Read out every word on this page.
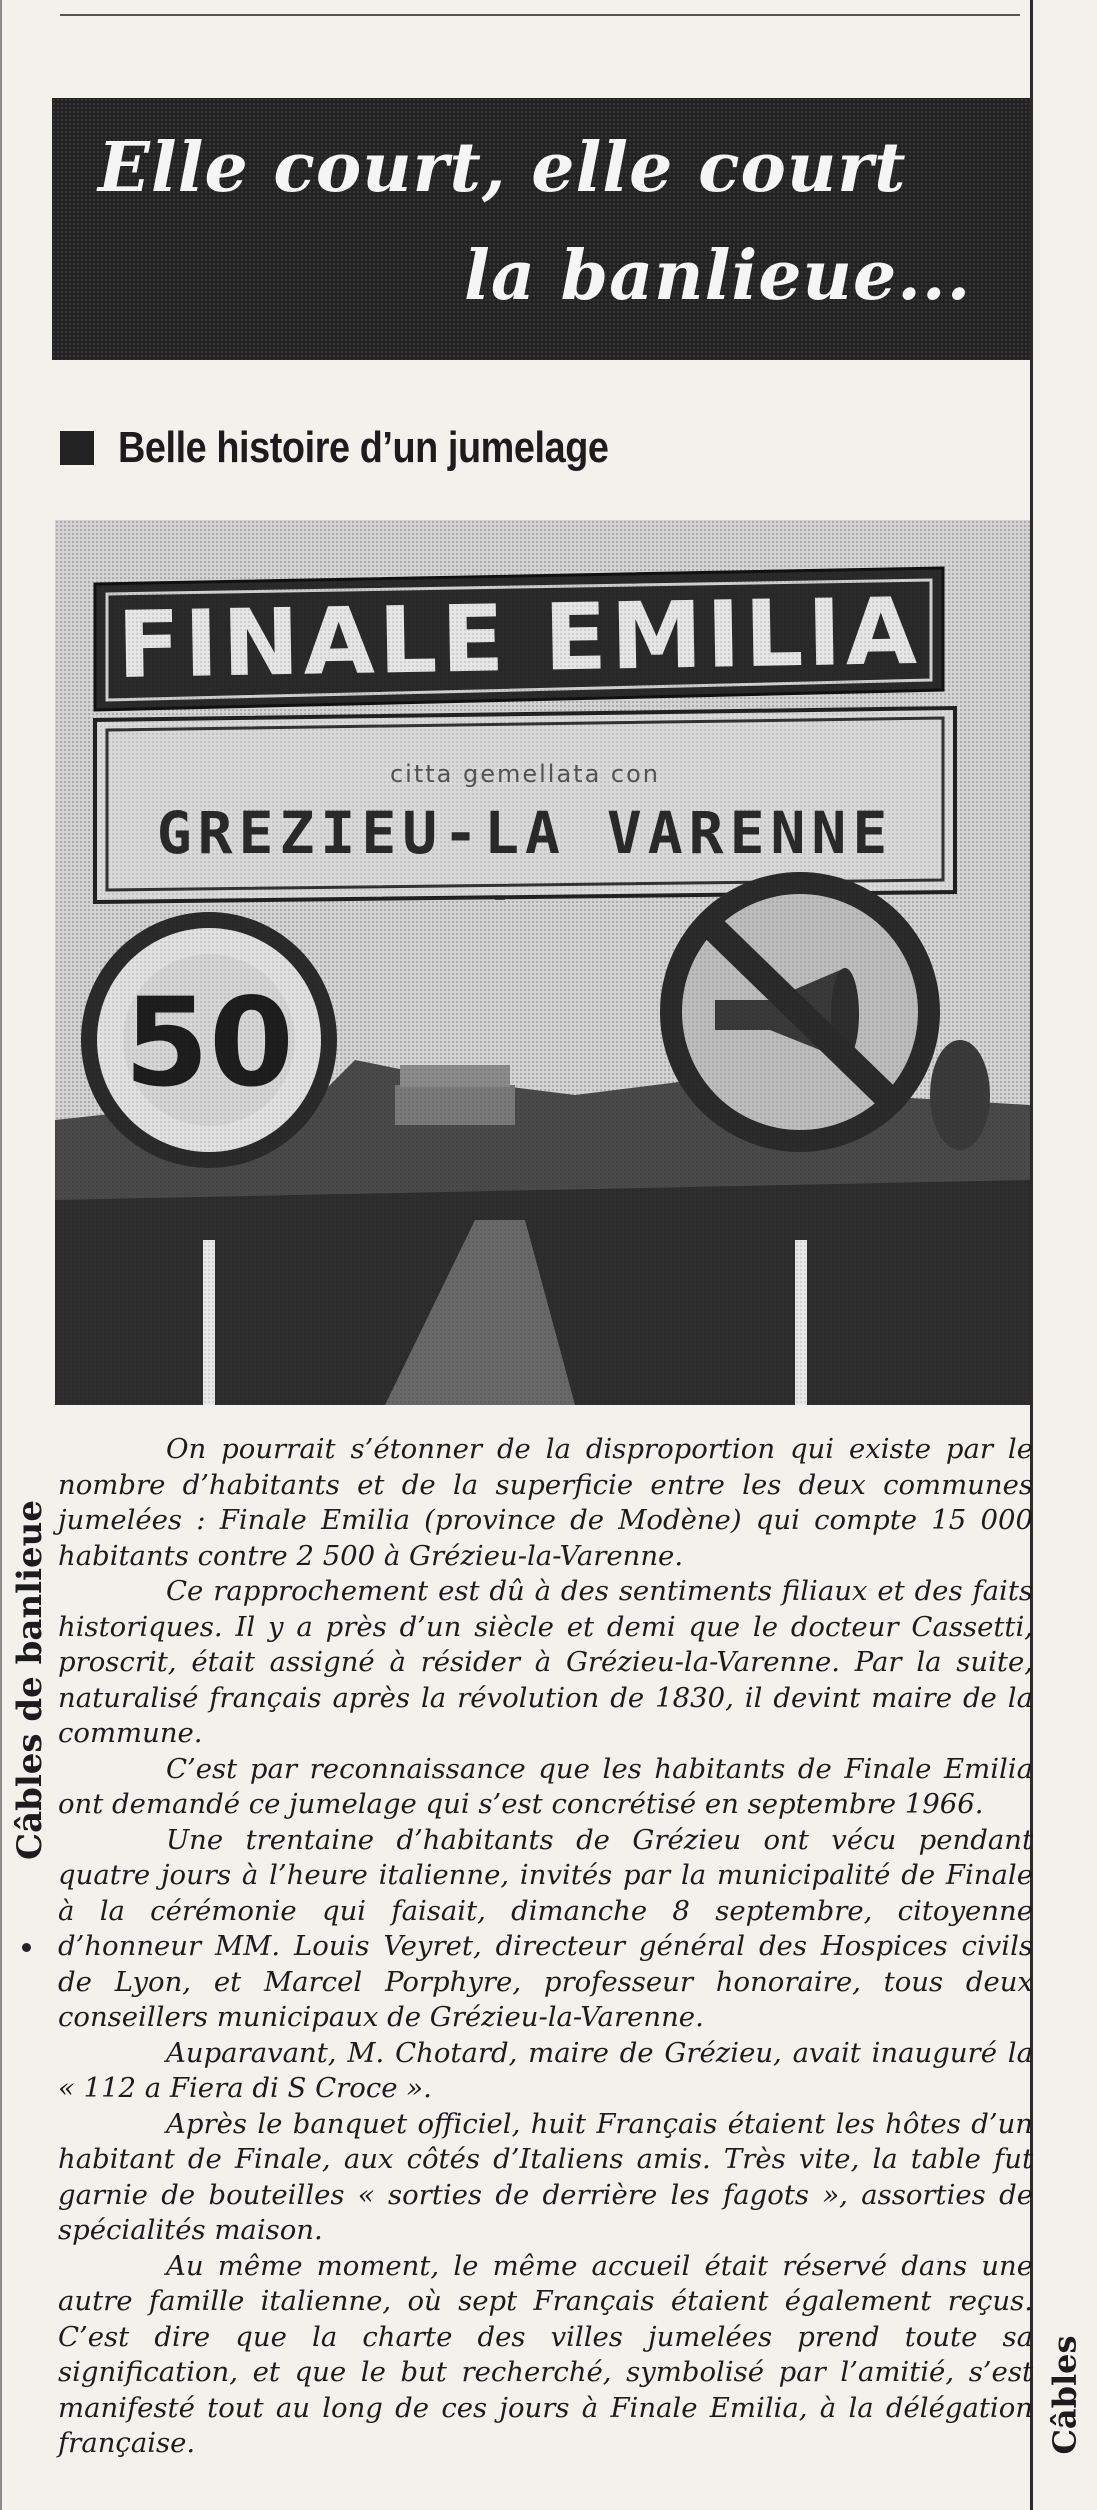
Elle court, elle court
la banlieue...
Belle histoire d’un jumelage
Câbles de banlieue
Câbles

On pourrait s’étonner de la disproportion qui existe par le nombre d’habitants et de la superficie entre les deux communes jumelées : Finale Emilia (province de Modène) qui compte 15 000 habitants contre 2 500 à Grézieu-la-Varenne.

Ce rapprochement est dû à des sentiments filiaux et des faits historiques. Il y a près d’un siècle et demi que le docteur Cassetti, proscrit, était assigné à résider à Grézieu-la-Varenne. Par la suite, naturalisé français après la révolution de 1830, il devint maire de la commune.

C’est par reconnaissance que les habitants de Finale Emilia ont demandé ce jumelage qui s’est concrétisé en septembre 1966.

Une trentaine d’habitants de Grézieu ont vécu pendant quatre jours à l’heure italienne, invités par la municipalité de Finale à la cérémonie qui faisait, dimanche 8 septembre, citoyenne d’honneur MM. Louis Veyret, directeur général des Hospices civils de Lyon, et Marcel Porphyre, professeur honoraire, tous deux conseillers municipaux de Grézieu-la-Varenne.

Auparavant, M. Chotard, maire de Grézieu, avait inauguré la « 112 a Fiera di S Croce ».

Après le banquet officiel, huit Français étaient les hôtes d’un habitant de Finale, aux côtés d’Italiens amis. Très vite, la table fut garnie de bouteilles « sorties de derrière les fagots », assorties de spécialités maison.

Au même moment, le même accueil était réservé dans une autre famille italienne, où sept Français étaient également reçus. C’est dire que la charte des villes jumelées prend toute sa signification, et que le but recherché, symbolisé par l’amitié, s’est manifesté tout au long de ces jours à Finale Emilia, à la délégation française.
